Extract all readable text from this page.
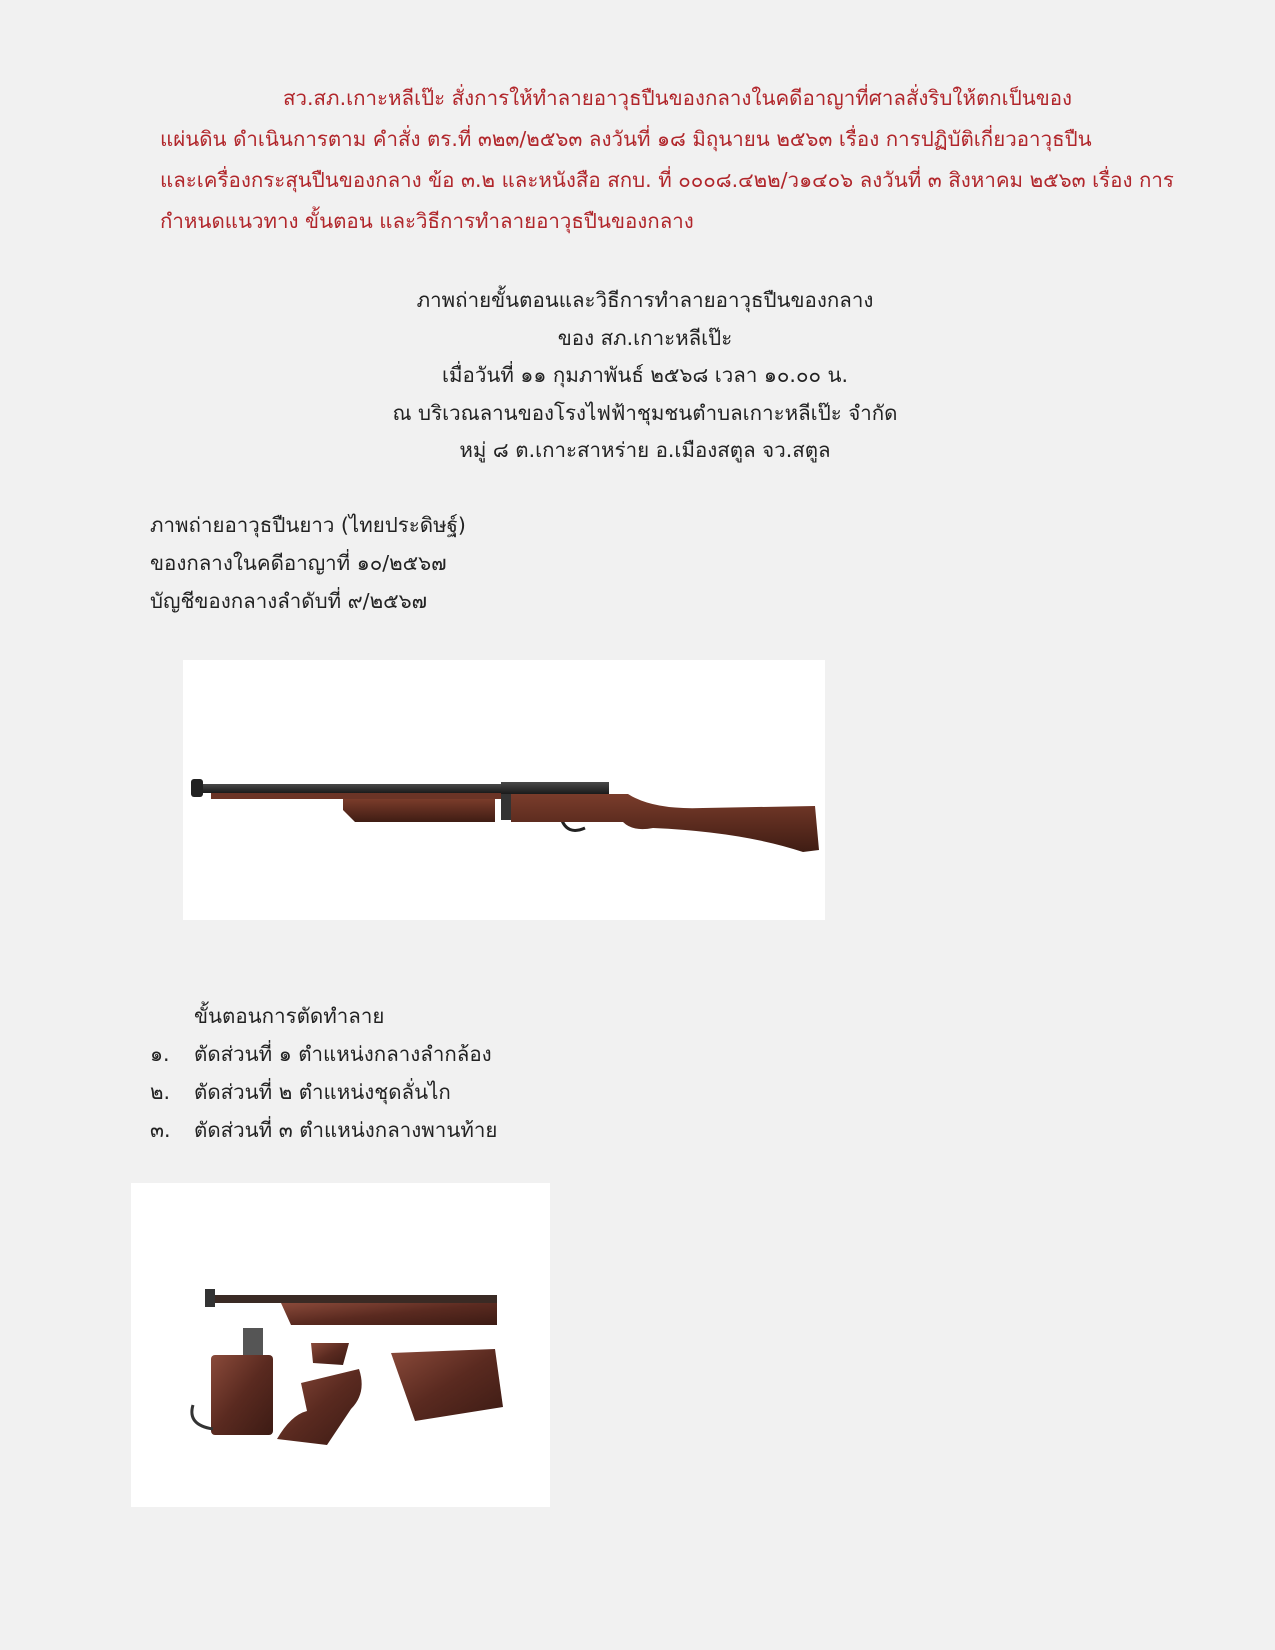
สว.สภ.เกาะหลีเป๊ะ สั่งการให้ทำลายอาวุธปืนของกลางในคดีอาญาที่ศาลสั่งริบให้ตกเป็นของ
แผ่นดิน ดำเนินการตาม คำสั่ง ตร.ที่ ๓๒๓/๒๕๖๓ ลงวันที่ ๑๘ มิถุนายน ๒๕๖๓ เรื่อง การปฏิบัติเกี่ยวอาวุธปืน
และเครื่องกระสุนปืนของกลาง ข้อ ๓.๒ และหนังสือ สกบ. ที่ ๐๐๐๘.๔๒๒/ว๑๔๐๖ ลงวันที่ ๓ สิงหาคม ๒๕๖๓ เรื่อง การ
กำหนดแนวทาง ขั้นตอน และวิธีการทำลายอาวุธปืนของกลาง
ภาพถ่ายขั้นตอนและวิธีการทำลายอาวุธปืนของกลาง
ของ สภ.เกาะหลีเป๊ะ
เมื่อวันที่ ๑๑ กุมภาพันธ์ ๒๕๖๘ เวลา ๑๐.๐๐ น.
ณ บริเวณลานของโรงไฟฟ้าชุมชนตำบลเกาะหลีเป๊ะ จำกัด
หมู่ ๘ ต.เกาะสาหร่าย อ.เมืองสตูล จว.สตูล
ภาพถ่ายอาวุธปืนยาว (ไทยประดิษฐ์)
ของกลางในคดีอาญาที่ ๑๐/๒๕๖๗
บัญชีของกลางลำดับที่ ๙/๒๕๖๗
ขั้นตอนการตัดทำลาย
๑.	ตัดส่วนที่ ๑ ตำแหน่งกลางลำกล้อง
๒.	ตัดส่วนที่ ๒ ตำแหน่งชุดลั่นไก
๓.	ตัดส่วนที่ ๓ ตำแหน่งกลางพานท้าย
